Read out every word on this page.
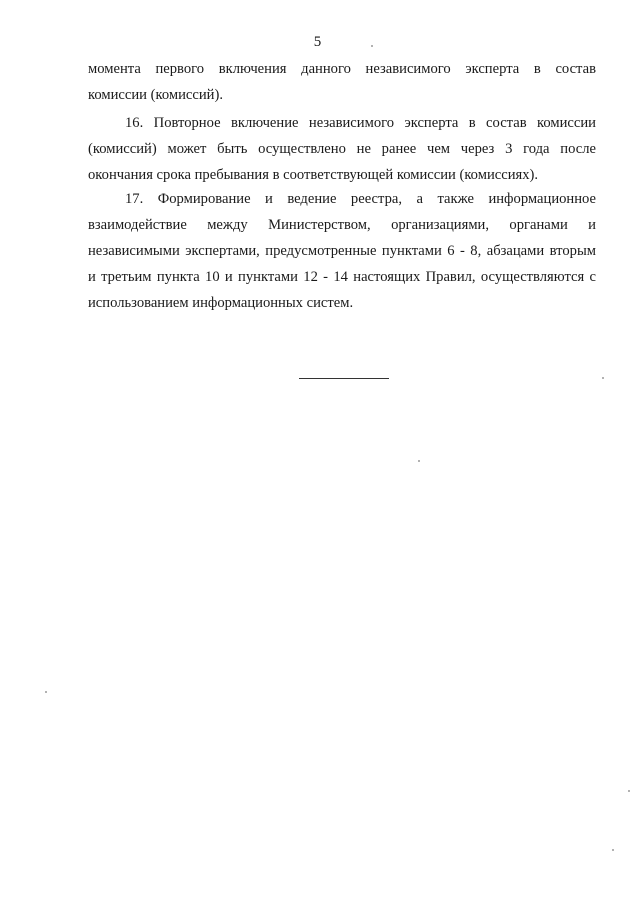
5
момента первого включения данного независимого эксперта в состав
комиссии (комиссий).
16. Повторное включение независимого эксперта в состав комиссии
(комиссий) может быть осуществлено не ранее чем через 3 года после
окончания срока пребывания в соответствующей комиссии (комиссиях).
17. Формирование и ведение реестра, а также информационное
взаимодействие между Министерством, организациями, органами и
независимыми экспертами, предусмотренные пунктами 6 - 8, абзацами вторым
и третьим пункта 10 и пунктами 12 - 14 настоящих Правил, осуществляются с
использованием информационных систем.
